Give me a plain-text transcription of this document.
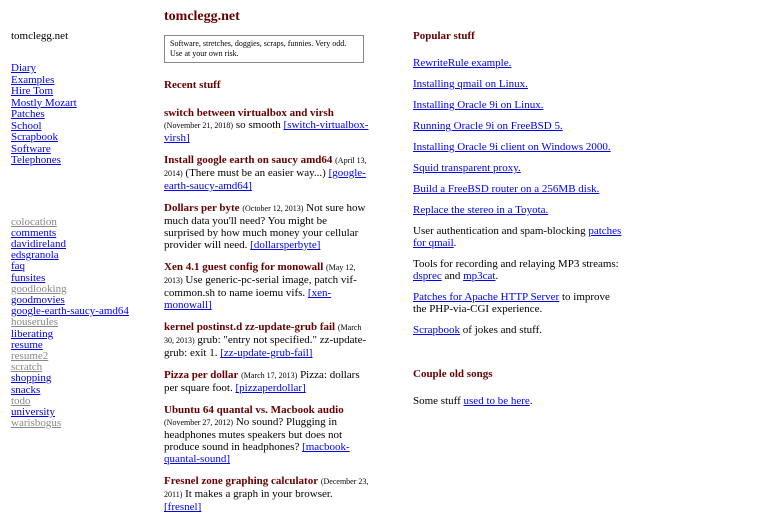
tomclegg.net
Diary
Examples
Hire Tom
Mostly Mozart
Patches
School
Scrapbook
Software
Telephones
colocation
comments
davidireland
edsgranola
faq
funsites
goodlooking
goodmovies
google-earth-saucy-amd64
houserules
liberating
resume
resume2
scratch
shopping
snacks
todo
university
warisbogus
tomclegg.net
Software, stretches, doggies, scraps, funnies. Very odd. Use at your own risk.
Recent stuff
switch between virtualbox and virsh (November 21, 2018) so smooth [switch-virtualbox-virsh]
Install google earth on saucy amd64 (April 13, 2014) (There must be an easier way...) [google-earth-saucy-amd64]
Dollars per byte (October 12, 2013) Not sure how much data you'll need? You might be surprised by how much money your cellular provider will need. [dollarsperbyte]
Xen 4.1 guest config for monowall (May 12, 2013) Use generic-pc-serial image, patch vif-common.sh to name ioemu vifs. [xen-monowall]
kernel postinst.d zz-update-grub fail (March 30, 2013) grub: "entry not specified." zz-update-grub: exit 1. [zz-update-grub-fail]
Pizza per dollar (March 17, 2013) Pizza: dollars per square foot. [pizzaperdollar]
Ubuntu 64 quantal vs. Macbook audio (November 27, 2012) No sound? Plugging in headphones mutes speakers but does not produce sound in headphones? [macbook-quantal-sound]
Fresnel zone graphing calculator (December 23, 2011) It makes a graph in your browser. [fresnel]
Popular stuff
RewriteRule example.
Installing qmail on Linux.
Installing Oracle 9i on Linux.
Running Oracle 9i on FreeBSD 5.
Installing Oracle 9i client on Windows 2000.
Squid transparent proxy.
Build a FreeBSD router on a 256MB disk.
Replace the stereo in a Toyota.
User authentication and spam-blocking patches for qmail.
Tools for recording and relaying MP3 streams: dsprec and mp3cat.
Patches for Apache HTTP Server to improve the PHP-via-CGI experience.
Scrapbook of jokes and stuff.
Couple old songs
Some stuff used to be here.
